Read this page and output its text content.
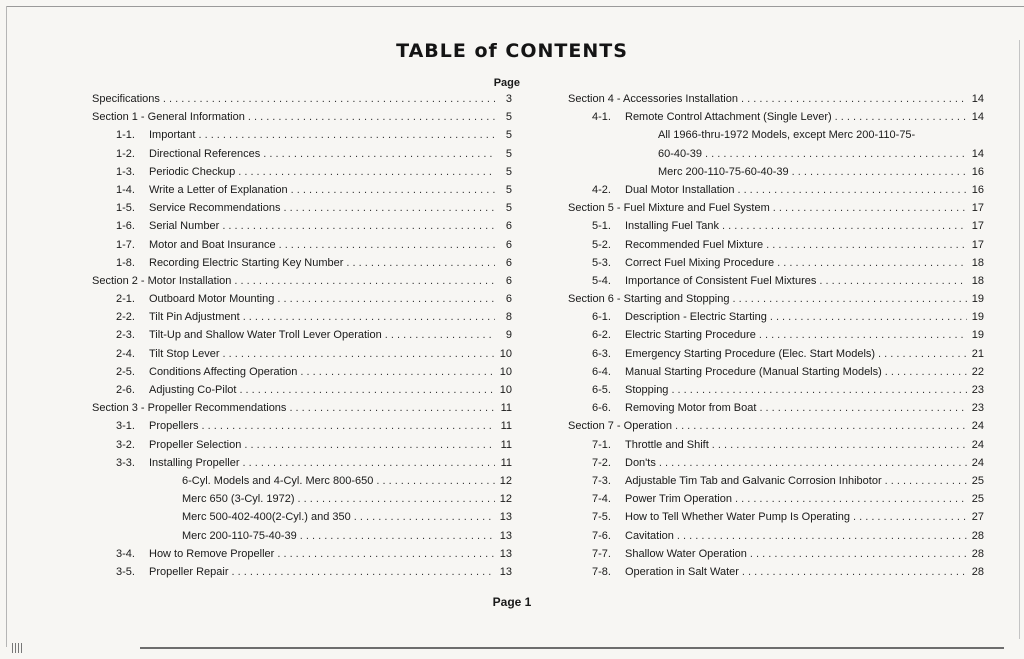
TABLE of CONTENTS
Page
Specifications . . .	3
Section 1 - General Information . . .	5
1-1.	Important . . .	5
1-2.	Directional References . . .	5
1-3.	Periodic Checkup . . .	5
1-4.	Write a Letter of Explanation . . .	5
1-5.	Service Recommendations . . .	5
1-6.	Serial Number . . .	6
1-7.	Motor and Boat Insurance . . .	6
1-8.	Recording Electric Starting Key Number . . .	6
Section 2 - Motor Installation . . .	6
2-1.	Outboard Motor Mounting . . .	6
2-2.	Tilt Pin Adjustment . . .	8
2-3.	Tilt-Up and Shallow Water Troll Lever Operation . . .	9
2-4.	Tilt Stop Lever . . .	10
2-5.	Conditions Affecting Operation . . .	10
2-6.	Adjusting Co-Pilot . . .	10
Section 3 - Propeller Recommendations . . .	11
3-1.	Propellers . . .	11
3-2.	Propeller Selection . . .	11
3-3.	Installing Propeller . . .	11
6-Cyl. Models and 4-Cyl. Merc 800-650 . . .	12
Merc 650 (3-Cyl. 1972) . . .	12
Merc 500-402-400(2-Cyl.) and 350 . . .	13
Merc 200-110-75-40-39 . . .	13
3-4.	How to Remove Propeller . . .	13
3-5.	Propeller Repair . . .	13
Section 4 - Accessories Installation . . .	14
4-1.	Remote Control Attachment (Single Lever) . . .	14
All 1966-thru-1972 Models, except Merc 200-110-75-
60-40-39 . . .	14
Merc 200-110-75-60-40-39 . . .	16
4-2.	Dual Motor Installation . . .	16
Section 5 - Fuel Mixture and Fuel System . . .	17
5-1.	Installing Fuel Tank . . .	17
5-2.	Recommended Fuel Mixture . . .	17
5-3.	Correct Fuel Mixing Procedure . . .	18
5-4.	Importance of Consistent Fuel Mixtures . . .	18
Section 6 - Starting and Stopping . . .	19
6-1.	Description - Electric Starting . . .	19
6-2.	Electric Starting Procedure . . .	19
6-3.	Emergency Starting Procedure (Elec. Start Models) . . .	21
6-4.	Manual Starting Procedure (Manual Starting Models) . . .	22
6-5.	Stopping . . .	23
6-6.	Removing Motor from Boat . . .	23
Section 7 - Operation . . .	24
7-1.	Throttle and Shift . . .	24
7-2.	Don'ts . . .	24
7-3.	Adjustable Tim Tab and Galvanic Corrosion Inhibotor . . .	25
7-4.	Power Trim Operation . . .	25
7-5.	How to Tell Whether Water Pump Is Operating . . .	27
7-6.	Cavitation . . .	28
7-7.	Shallow Water Operation . . .	28
7-8.	Operation in Salt Water . . .	28
Page 1
